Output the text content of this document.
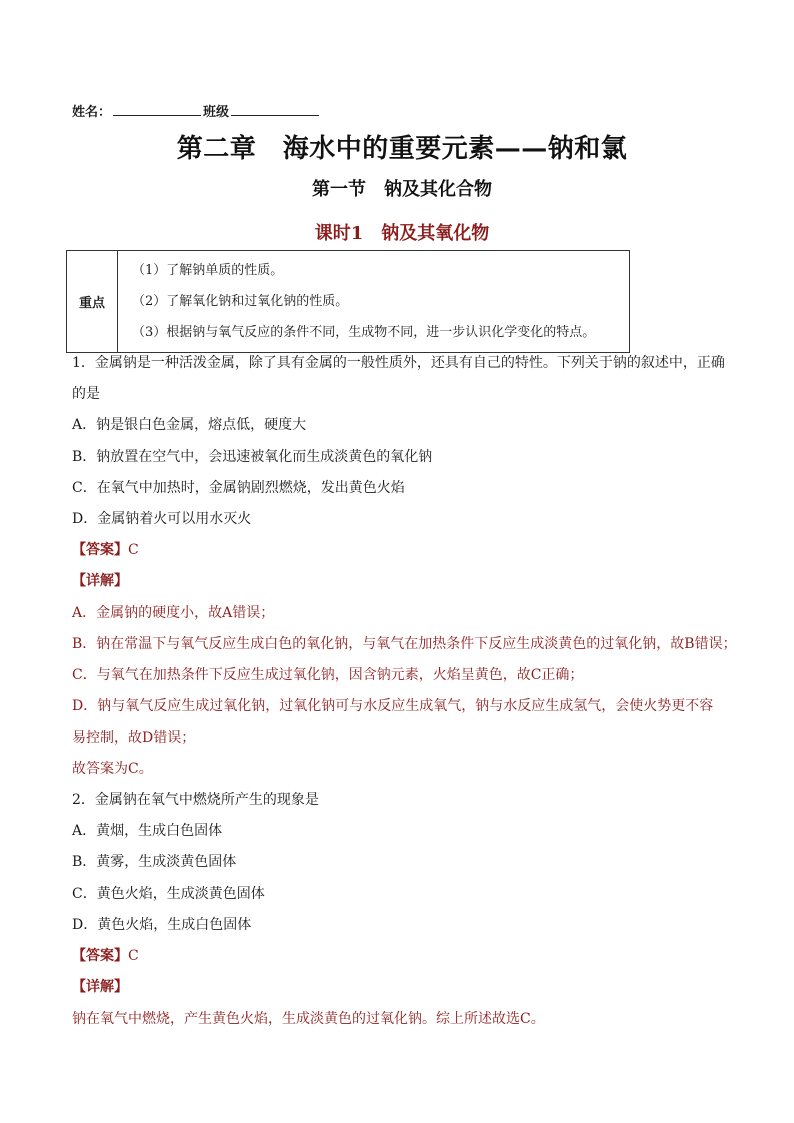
姓名：	班级
第二章　海水中的重要元素——钠和氯
第一节　钠及其化合物
课时1　钠及其氧化物
重点	
（1）了解钠单质的性质。
（2）了解氧化钠和过氧化钠的性质。
（3）根据钠与氧气反应的条件不同，生成物不同，进一步认识化学变化的特点。
1．金属钠是一种活泼金属，除了具有金属的一般性质外，还具有自己的特性。下列关于钠的叙述中，正确
的是
A．钠是银白色金属，熔点低，硬度大
B．钠放置在空气中，会迅速被氧化而生成淡黄色的氧化钠
C．在氧气中加热时，金属钠剧烈燃烧，发出黄色火焰
D．金属钠着火可以用水灭火
【答案】C
【详解】
A．金属钠的硬度小，故A错误；
B．钠在常温下与氧气反应生成白色的氧化钠，与氧气在加热条件下反应生成淡黄色的过氧化钠，故B错误；
C．与氧气在加热条件下反应生成过氧化钠，因含钠元素，火焰呈黄色，故C正确；
D．钠与氧气反应生成过氧化钠，过氧化钠可与水反应生成氧气，钠与水反应生成氢气，会使火势更不容
易控制，故D错误；
故答案为C。
2．金属钠在氧气中燃烧所产生的现象是
A．黄烟，生成白色固体
B．黄雾，生成淡黄色固体
C．黄色火焰，生成淡黄色固体
D．黄色火焰，生成白色固体
【答案】C
【详解】
钠在氧气中燃烧，产生黄色火焰，生成淡黄色的过氧化钠。综上所述故选C。
